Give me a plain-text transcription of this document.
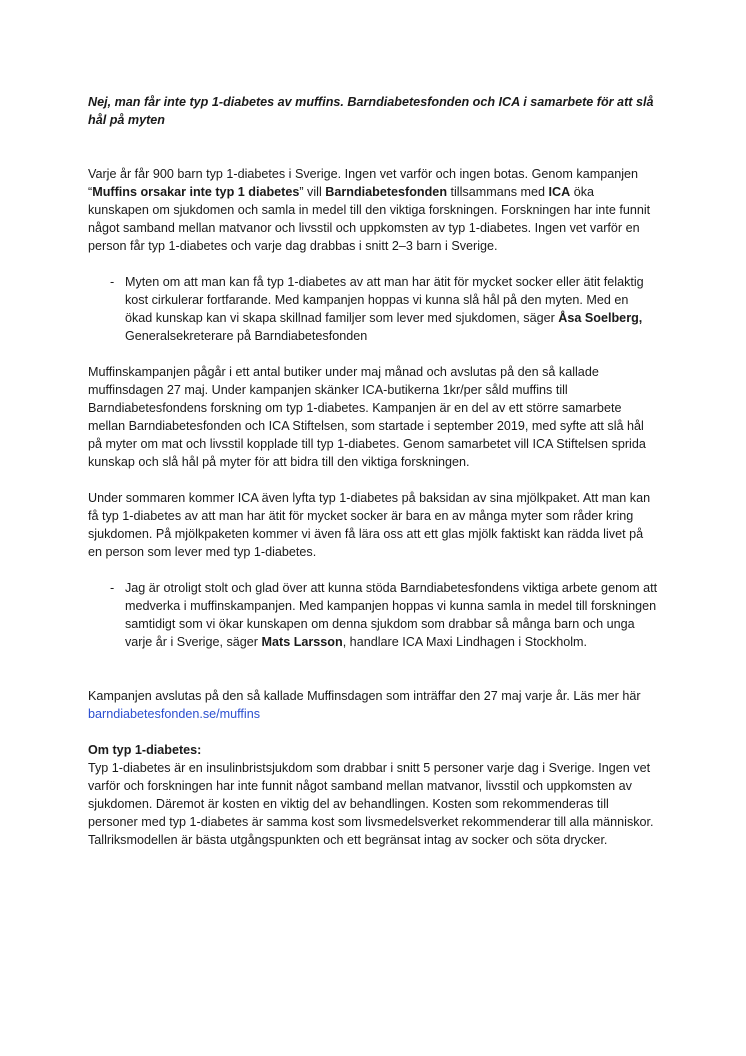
Nej, man får inte typ 1-diabetes av muffins. Barndiabetesfonden och ICA i samarbete för att slå hål på myten

Varje år får 900 barn typ 1-diabetes i Sverige. Ingen vet varför och ingen botas. Genom kampanjen “Muffins orsakar inte typ 1 diabetes” vill Barndiabetesfonden tillsammans med ICA öka kunskapen om sjukdomen och samla in medel till den viktiga forskningen. Forskningen har inte funnit något samband mellan matvanor och livsstil och uppkomsten av typ 1-diabetes. Ingen vet varför en person får typ 1-diabetes och varje dag drabbas i snitt 2–3 barn i Sverige.

- Myten om att man kan få typ 1-diabetes av att man har ätit för mycket socker eller ätit felaktig kost cirkulerar fortfarande. Med kampanjen hoppas vi kunna slå hål på den myten. Med en ökad kunskap kan vi skapa skillnad familjer som lever med sjukdomen, säger Åsa Soelberg, Generalsekreterare på Barndiabetesfonden

Muffinskampanjen pågår i ett antal butiker under maj månad och avslutas på den så kallade muffinsdagen 27 maj. Under kampanjen skänker ICA-butikerna 1kr/per såld muffins till Barndiabetesfondens forskning om typ 1-diabetes. Kampanjen är en del av ett större samarbete mellan Barndiabetesfonden och ICA Stiftelsen, som startade i september 2019, med syfte att slå hål på myter om mat och livsstil kopplade till typ 1-diabetes. Genom samarbetet vill ICA Stiftelsen sprida kunskap och slå hål på myter för att bidra till den viktiga forskningen.

Under sommaren kommer ICA även lyfta typ 1-diabetes på baksidan av sina mjölkpaket. Att man kan få typ 1-diabetes av att man har ätit för mycket socker är bara en av många myter som råder kring sjukdomen. På mjölkpaketen kommer vi även få lära oss att ett glas mjölk faktiskt kan rädda livet på en person som lever med typ 1-diabetes.

- Jag är otroligt stolt och glad över att kunna stöda Barndiabetesfondens viktiga arbete genom att medverka i muffinskampanjen. Med kampanjen hoppas vi kunna samla in medel till forskningen samtidigt som vi ökar kunskapen om denna sjukdom som drabbar så många barn och unga varje år i Sverige, säger Mats Larsson, handlare ICA Maxi Lindhagen i Stockholm.

Kampanjen avslutas på den så kallade Muffinsdagen som inträffar den 27 maj varje år. Läs mer här barndiabetesfonden.se/muffins

Om typ 1-diabetes:

Typ 1-diabetes är en insulinbristsjukdom som drabbar i snitt 5 personer varje dag i Sverige. Ingen vet varför och forskningen har inte funnit något samband mellan matvanor, livsstil och uppkomsten av sjukdomen. Däremot är kosten en viktig del av behandlingen. Kosten som rekommenderas till personer med typ 1-diabetes är samma kost som livsmedelsverket rekommenderar till alla människor. Tallriksmodellen är bästa utgångspunkten och ett begränsat intag av socker och söta drycker.
